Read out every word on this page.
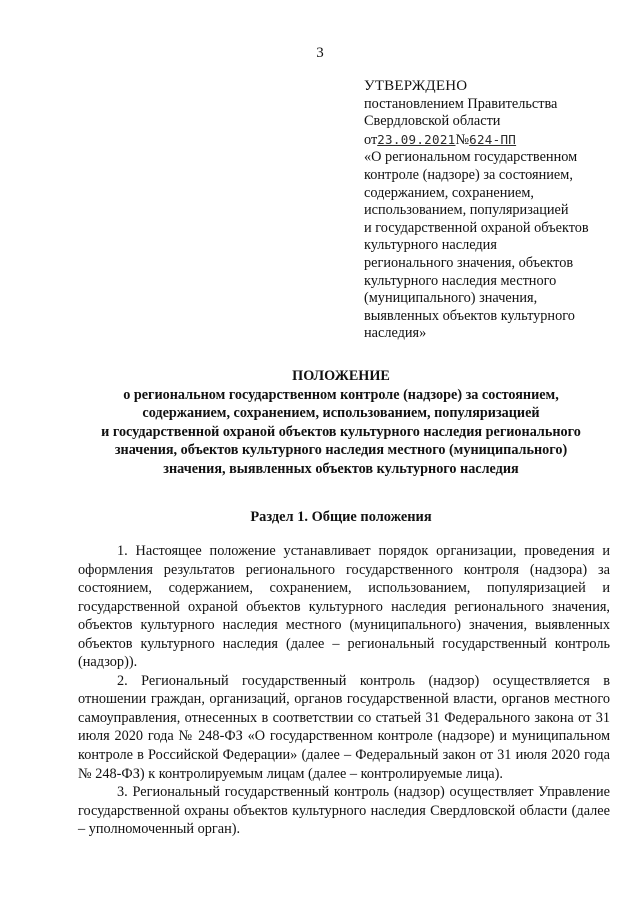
3
УТВЕРЖДЕНО
постановлением Правительства
Свердловской области
от23.09.2021№624-ПП
«О региональном государственном
контроле (надзоре) за состоянием,
содержанием, сохранением,
использованием, популяризацией
и государственной охраной объектов
культурного наследия
регионального значения, объектов
культурного наследия местного
(муниципального) значения,
выявленных объектов культурного
наследия»
ПОЛОЖЕНИЕ
о региональном государственном контроле (надзоре) за состоянием,
содержанием, сохранением, использованием, популяризацией
и государственной охраной объектов культурного наследия регионального
значения, объектов культурного наследия местного (муниципального)
значения, выявленных объектов культурного наследия
Раздел 1. Общие положения

1. Настоящее положение устанавливает порядок организации, проведения и оформления результатов регионального государственного контроля (надзора) за состоянием, содержанием, сохранением, использованием, популяризацией и государственной охраной объектов культурного наследия регионального значения, объектов культурного наследия местного (муниципального) значения, выявленных объектов культурного наследия (далее – региональный государственный контроль (надзор)).

2. Региональный государственный контроль (надзор) осуществляется в отношении граждан, организаций, органов государственной власти, органов местного самоуправления, отнесенных в соответствии со статьей 31 Федерального закона от 31 июля 2020 года № 248-ФЗ «О государственном контроле (надзоре) и муниципальном контроле в Российской Федерации» (далее – Федеральный закон от 31 июля 2020 года № 248-ФЗ) к контролируемым лицам (далее – контролируемые лица).

3. Региональный государственный контроль (надзор) осуществляет Управление государственной охраны объектов культурного наследия Свердловской области (далее – уполномоченный орган).
